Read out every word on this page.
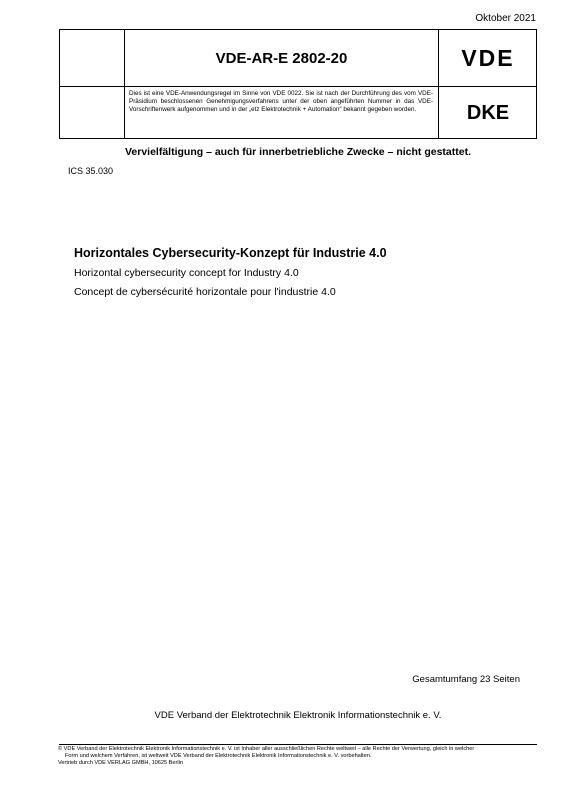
Oktober 2021
VDE-AR-E 2802-20	VDE
Dies ist eine VDE-Anwendungsregel im Sinne von VDE 0022. Sie ist nach der Durchführung des vom VDE-Präsidium beschlossenen Genehmigungsverfahrens unter der oben angeführten Nummer in das VDE-Vorschriftenwerk aufgenommen und in der „etz Elektrotechnik + Automation“ bekannt gegeben worden.	DKE
Vervielfältigung – auch für innerbetriebliche Zwecke – nicht gestattet.
ICS 35.030
Horizontales Cybersecurity-Konzept für Industrie 4.0
Horizontal cybersecurity concept for Industry 4.0
Concept de cybersécurité horizontale pour l'industrie 4.0
Gesamtumfang 23 Seiten
VDE Verband der Elektrotechnik Elektronik Informationstechnik e. V.
© VDE Verband der Elektrotechnik Elektronik Informationstechnik e. V. ist Inhaber aller ausschließlichen Rechte weltweit – alle Rechte der Verwertung, gleich in welcher
Form und welchem Verfahren, ist weltweit VDE Verband der Elektrotechnik Elektronik Informationstechnik e. V. vorbehalten.
Vertrieb durch VDE VERLAG GMBH, 10625 Berlin
